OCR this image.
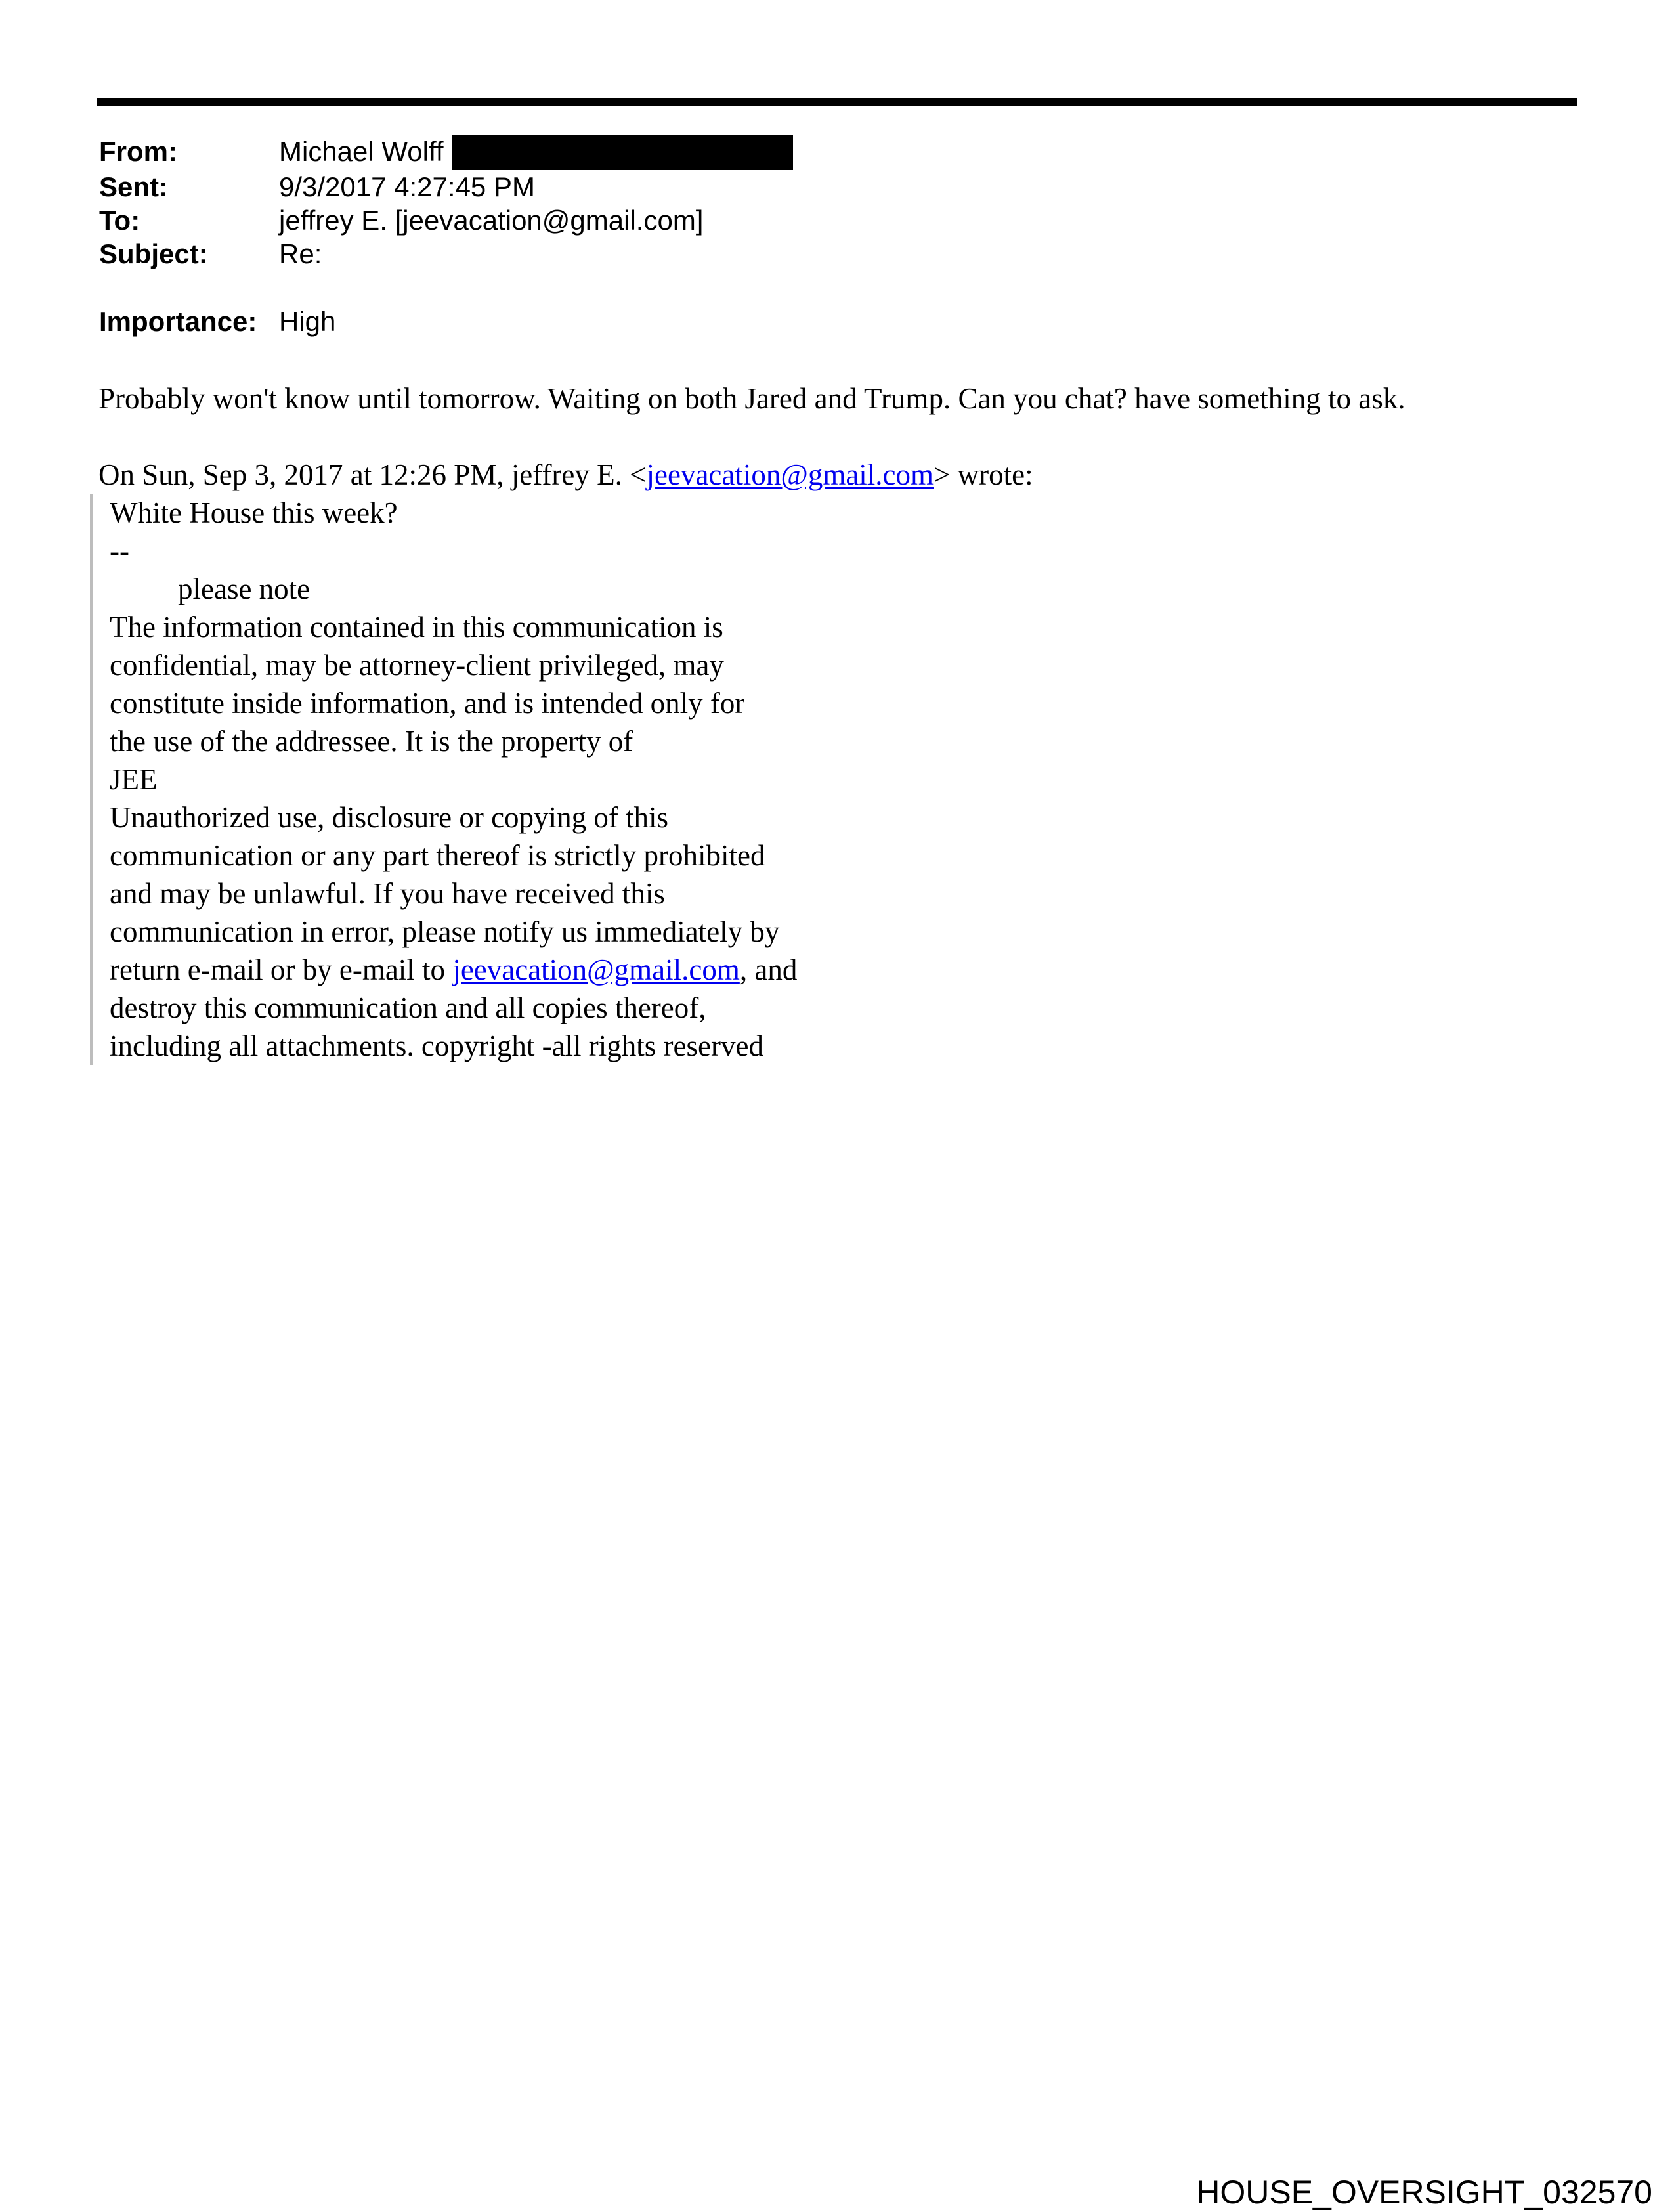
From:	Michael Wolff
Sent:	9/3/2017 4:27:45 PM
To:	jeffrey E. [jeevacation@gmail.com]
Subject:	Re:
Importance: High
Probably won't know until tomorrow. Waiting on both Jared and Trump. Can you chat? have something to ask.
On Sun, Sep 3, 2017 at 12:26 PM, jeffrey E. <jeevacation@gmail.com> wrote:
White House this week?
--
please note
The information contained in this communication is
confidential, may be attorney-client privileged, may
constitute inside information, and is intended only for
the use of the addressee. It is the property of
JEE
Unauthorized use, disclosure or copying of this
communication or any part thereof is strictly prohibited
and may be unlawful. If you have received this
communication in error, please notify us immediately by
return e-mail or by e-mail to jeevacation@gmail.com, and
destroy this communication and all copies thereof,
including all attachments. copyright -all rights reserved
HOUSE_OVERSIGHT_032570
